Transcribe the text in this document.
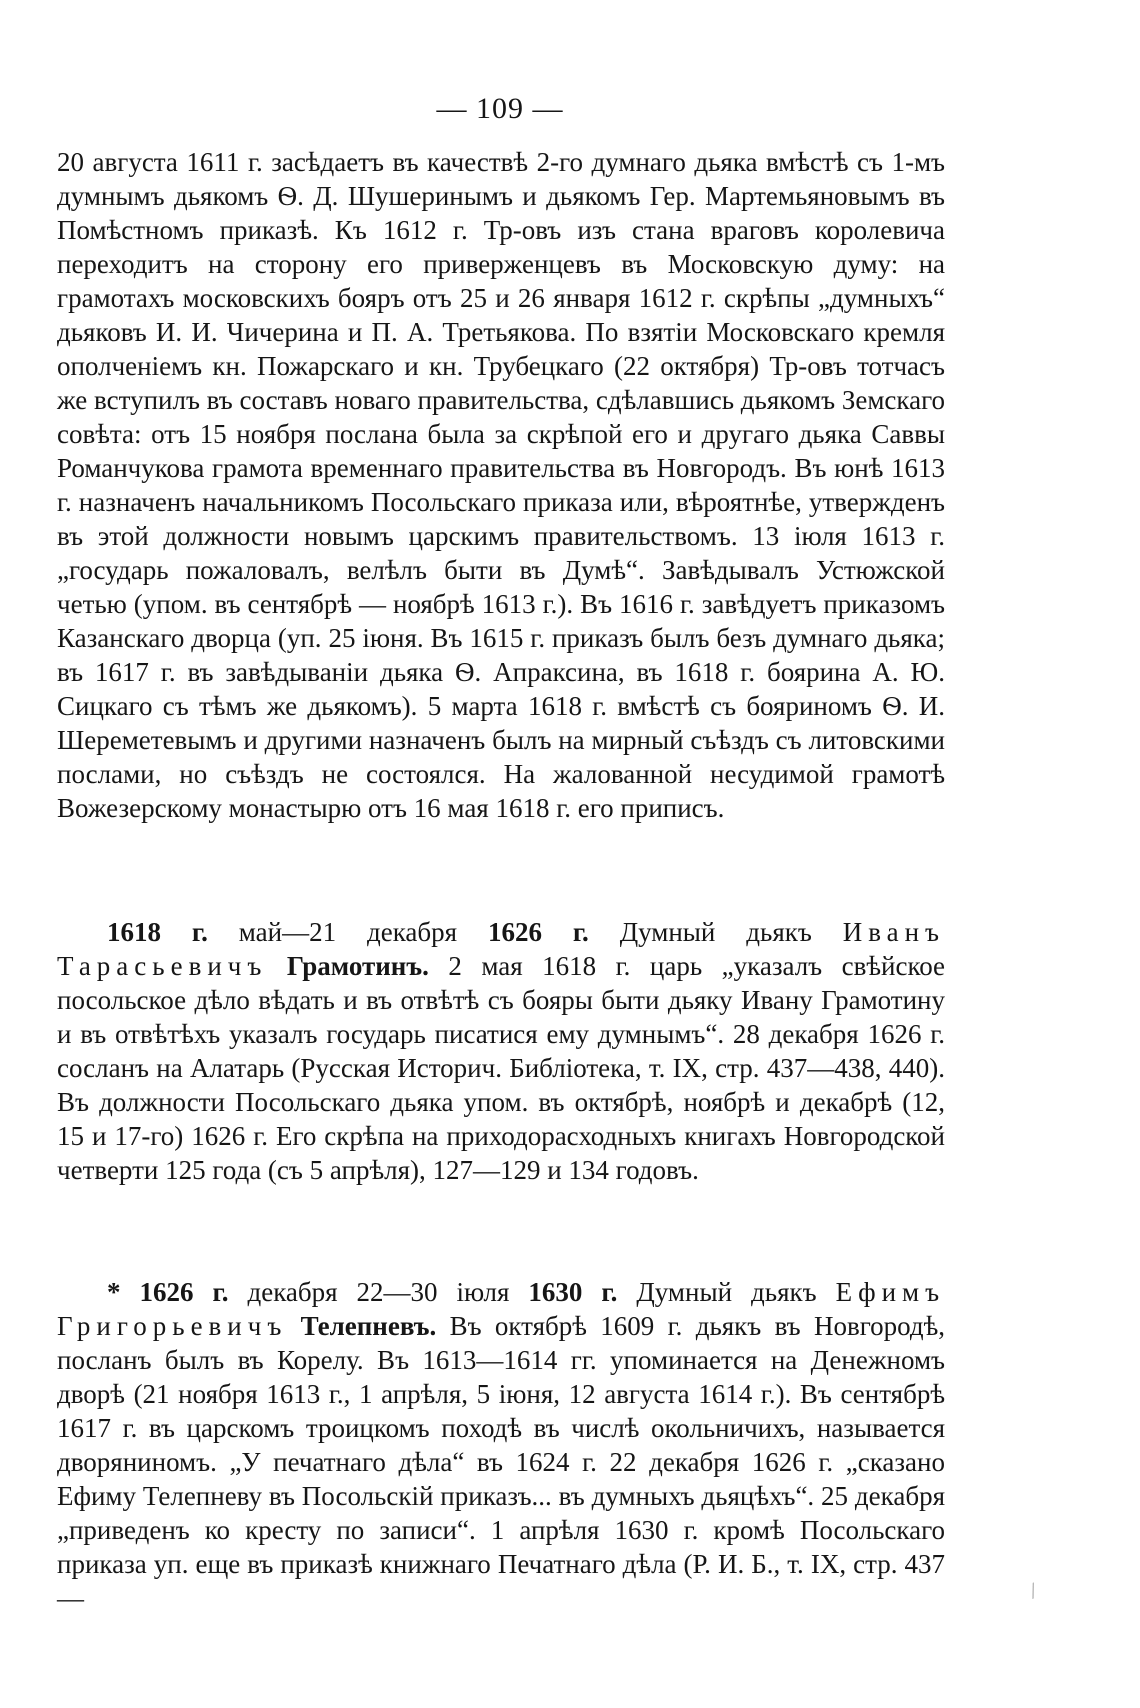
— 109 —
20 августа 1611 г. засѣдаетъ въ качествѣ 2-го думнаго дьяка вмѣстѣ съ 1-мъ думнымъ дьякомъ Ѳ. Д. Шушеринымъ и дьякомъ Гер. Мартемьяновымъ въ Помѣстномъ приказѣ. Къ 1612 г. Тр-овъ изъ стана враговъ королевича переходитъ на сторону его приверженцевъ въ Московскую думу: на грамотахъ московскихъ бояръ отъ 25 и 26 января 1612 г. скрѣпы „думныхъ“ дьяковъ И. И. Чичерина и П. А. Третьякова. По взятіи Московскаго кремля ополченіемъ кн. Пожарскаго и кн. Трубецкаго (22 октября) Тр-овъ тотчасъ же вступилъ въ составъ новаго правительства, сдѣлавшись дьякомъ Земскаго совѣта: отъ 15 ноября послана была за скрѣпой его и другаго дьяка Саввы Романчукова грамота временнаго правительства въ Новгородъ. Въ юнѣ 1613 г. назначенъ начальникомъ Посольскаго приказа или, вѣроятнѣе, утвержденъ въ этой должности новымъ царскимъ правительствомъ. 13 іюля 1613 г. „государь пожаловалъ, велѣлъ быти въ Думѣ“. Завѣдывалъ Устюжской четью (упом. въ сентябрѣ — ноябрѣ 1613 г.). Въ 1616 г. завѣдуетъ приказомъ Казанскаго дворца (уп. 25 іюня. Въ 1615 г. приказъ былъ безъ думнаго дьяка; въ 1617 г. въ завѣдываніи дьяка Ѳ. Апраксина, въ 1618 г. боярина А. Ю. Сицкаго съ тѣмъ же дьякомъ). 5 марта 1618 г. вмѣстѣ съ бояриномъ Ѳ. И. Шереметевымъ и другими назначенъ былъ на мирный съѣздъ съ литовскими послами, но съѣздъ не состоялся. На жалованной несудимой грамотѣ Вожезерскому монастырю отъ 16 мая 1618 г. его приписъ.
1618 г. май—21 декабря 1626 г. Думный дьякъ Иванъ Тарасьевичъ Грамотинъ. 2 мая 1618 г. царь „указалъ свѣйское посольское дѣло вѣдать и въ отвѣтѣ съ бояры быти дьяку Ивану Грамотину и въ отвѣтѣхъ указалъ государь писатися ему думнымъ“. 28 декабря 1626 г. сосланъ на Алатарь (Русская Историч. Библіотека, т. IX, стр. 437—438, 440). Въ должности Посольскаго дьяка упом. въ октябрѣ, ноябрѣ и декабрѣ (12, 15 и 17-го) 1626 г. Его скрѣпа на приходорасходныхъ книгахъ Новгородской четверти 125 года (съ 5 апрѣля), 127—129 и 134 годовъ.
* 1626 г. декабря 22—30 іюля 1630 г. Думный дьякъ Ефимъ Григорьевичъ Телепневъ. Въ октябрѣ 1609 г. дьякъ въ Новгородѣ, посланъ былъ въ Корелу. Въ 1613—1614 гг. упоминается на Денежномъ дворѣ (21 ноября 1613 г., 1 апрѣля, 5 іюня, 12 августа 1614 г.). Въ сентябрѣ 1617 г. въ царскомъ троицкомъ походѣ въ числѣ окольничихъ, называется дворяниномъ. „У печатнаго дѣла“ въ 1624 г. 22 декабря 1626 г. „сказано Ефиму Телепневу въ Посольскій приказъ... въ думныхъ дьяцѣхъ“. 25 декабря „приведенъ ко кресту по записи“. 1 апрѣля 1630 г. кромѣ Посольскаго приказа уп. еще въ приказѣ книжнаго Печатнаго дѣла (Р. И. Б., т. IX, стр. 437—	⁄
